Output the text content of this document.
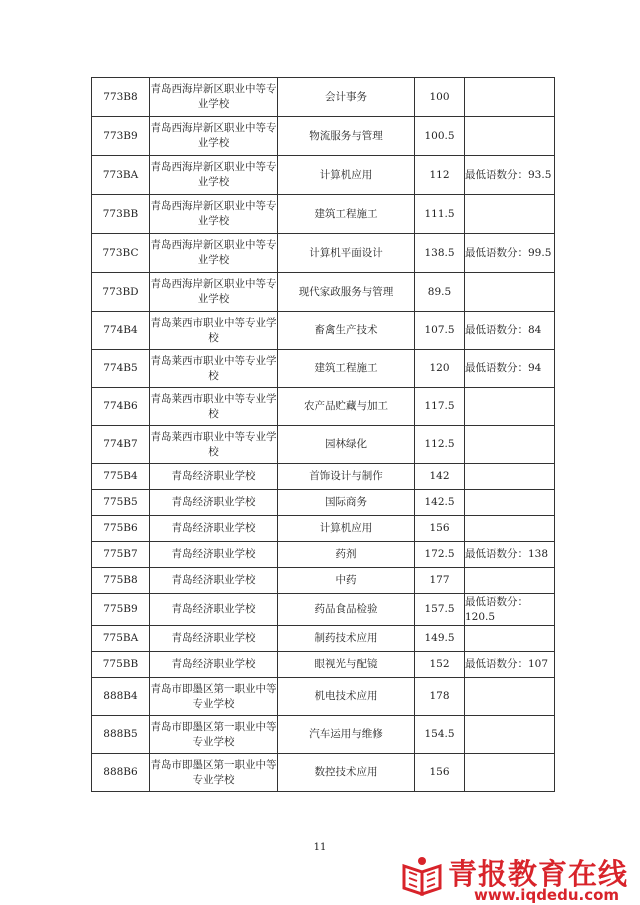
773B8	青岛西海岸新区职业中等专业学校	会计事务	100	
773B9	青岛西海岸新区职业中等专业学校	物流服务与管理	100.5	
773BA	青岛西海岸新区职业中等专业学校	计算机应用	112	最低语数分：93.5
773BB	青岛西海岸新区职业中等专业学校	建筑工程施工	111.5	
773BC	青岛西海岸新区职业中等专业学校	计算机平面设计	138.5	最低语数分：99.5
773BD	青岛西海岸新区职业中等专业学校	现代家政服务与管理	89.5	
774B4	青岛莱西市职业中等专业学校	畜禽生产技术	107.5	最低语数分：84
774B5	青岛莱西市职业中等专业学校	建筑工程施工	120	最低语数分：94
774B6	青岛莱西市职业中等专业学校	农产品贮藏与加工	117.5	
774B7	青岛莱西市职业中等专业学校	园林绿化	112.5	
775B4	青岛经济职业学校	首饰设计与制作	142	
775B5	青岛经济职业学校	国际商务	142.5	
775B6	青岛经济职业学校	计算机应用	156	
775B7	青岛经济职业学校	药剂	172.5	最低语数分：138
775B8	青岛经济职业学校	中药	177	
775B9	青岛经济职业学校	药品食品检验	157.5	最低语数分：120.5
775BA	青岛经济职业学校	制药技术应用	149.5	
775BB	青岛经济职业学校	眼视光与配镜	152	最低语数分：107
888B4	青岛市即墨区第一职业中等专业学校	机电技术应用	178	
888B5	青岛市即墨区第一职业中等专业学校	汽车运用与维修	154.5	
888B6	青岛市即墨区第一职业中等专业学校	数控技术应用	156	
11
青报教育在线
www.iqdedu.com
